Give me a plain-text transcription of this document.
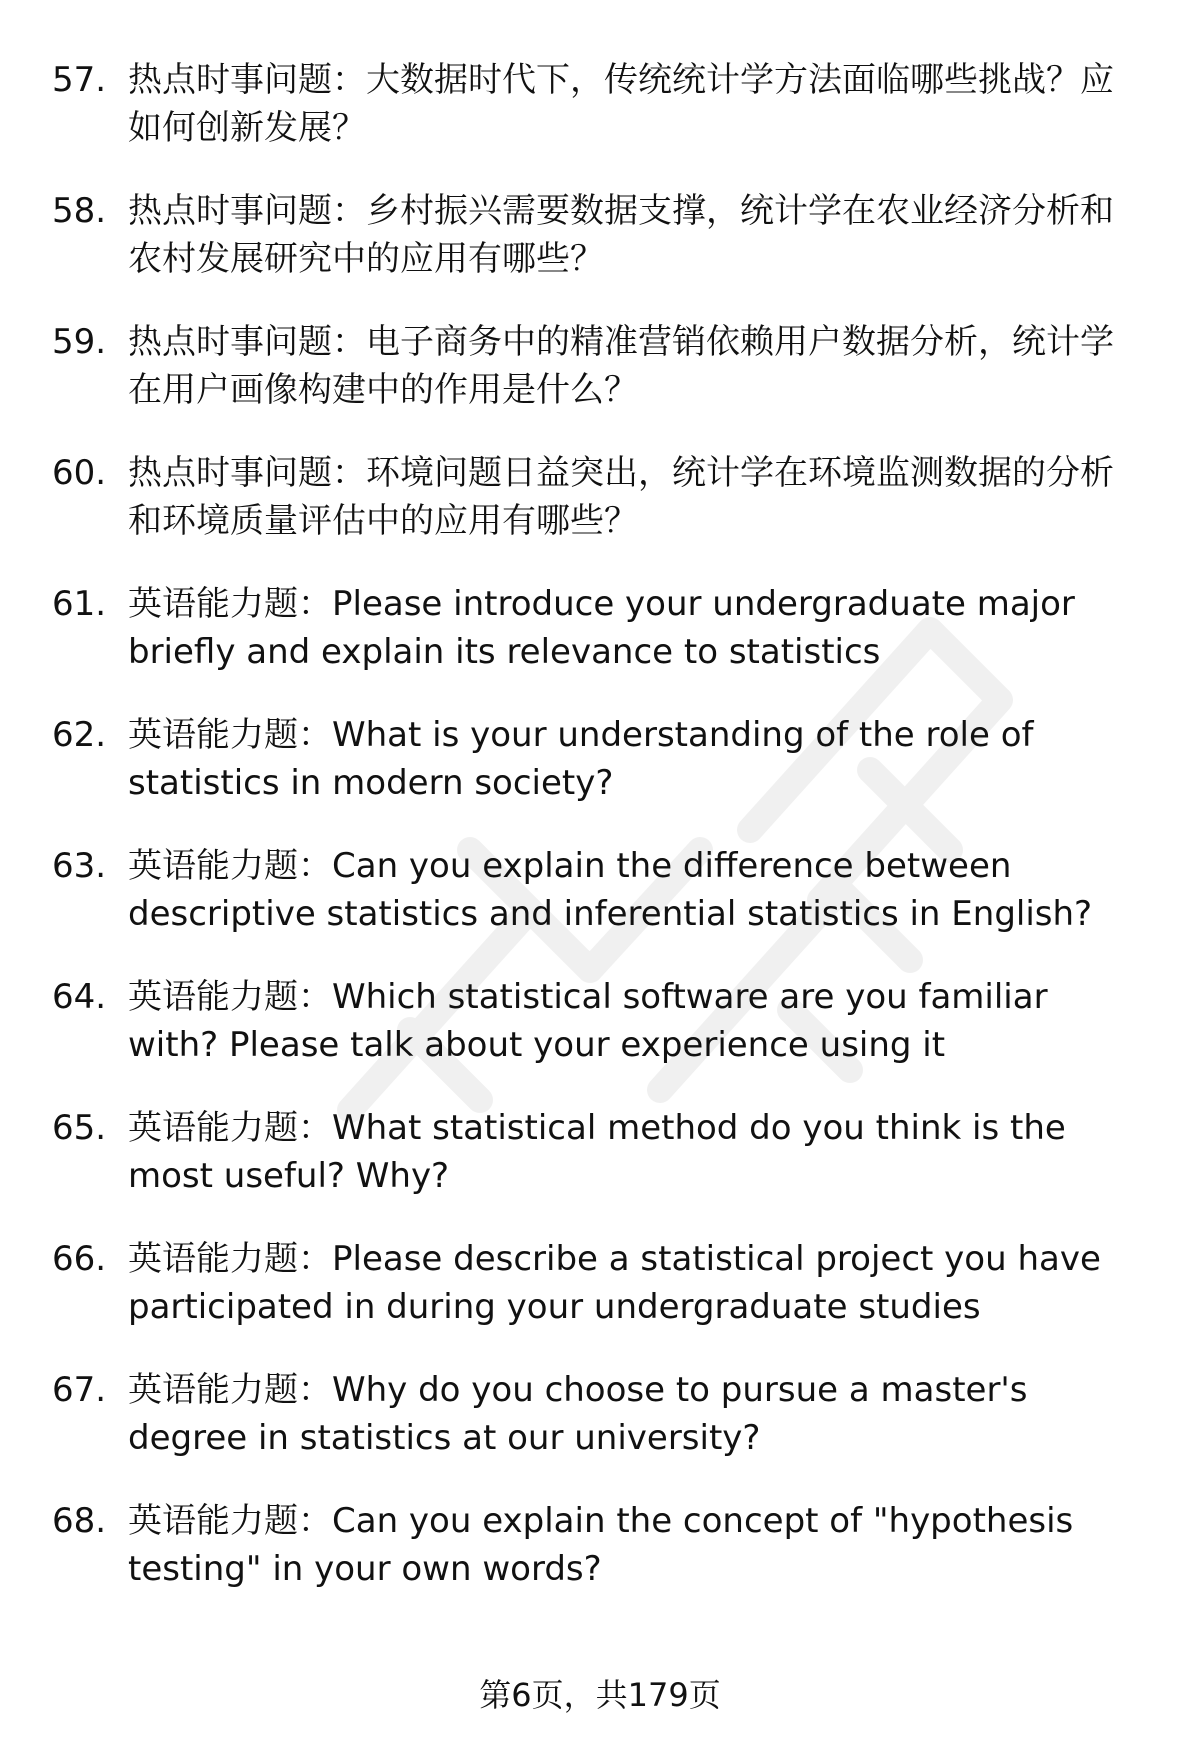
57. 热点时事问题：大数据时代下，传统统计学方法面临哪些挑战？应如何创新发展？
58. 热点时事问题：乡村振兴需要数据支撑，统计学在农业经济分析和农村发展研究中的应用有哪些？
59. 热点时事问题：电子商务中的精准营销依赖用户数据分析，统计学在用户画像构建中的作用是什么？
60. 热点时事问题：环境问题日益突出，统计学在环境监测数据的分析和环境质量评估中的应用有哪些？
61. 英语能力题：Please introduce your undergraduate major briefly and explain its relevance to statistics
62. 英语能力题：What is your understanding of the role of statistics in modern society?
63. 英语能力题：Can you explain the difference between descriptive statistics and inferential statistics in English?
64. 英语能力题：Which statistical software are you familiar with? Please talk about your experience using it
65. 英语能力题：What statistical method do you think is the most useful? Why?
66. 英语能力题：Please describe a statistical project you have participated in during your undergraduate studies
67. 英语能力题：Why do you choose to pursue a master's degree in statistics at our university?
68. 英语能力题：Can you explain the concept of "hypothesis testing" in your own words?
第6页，共179页
